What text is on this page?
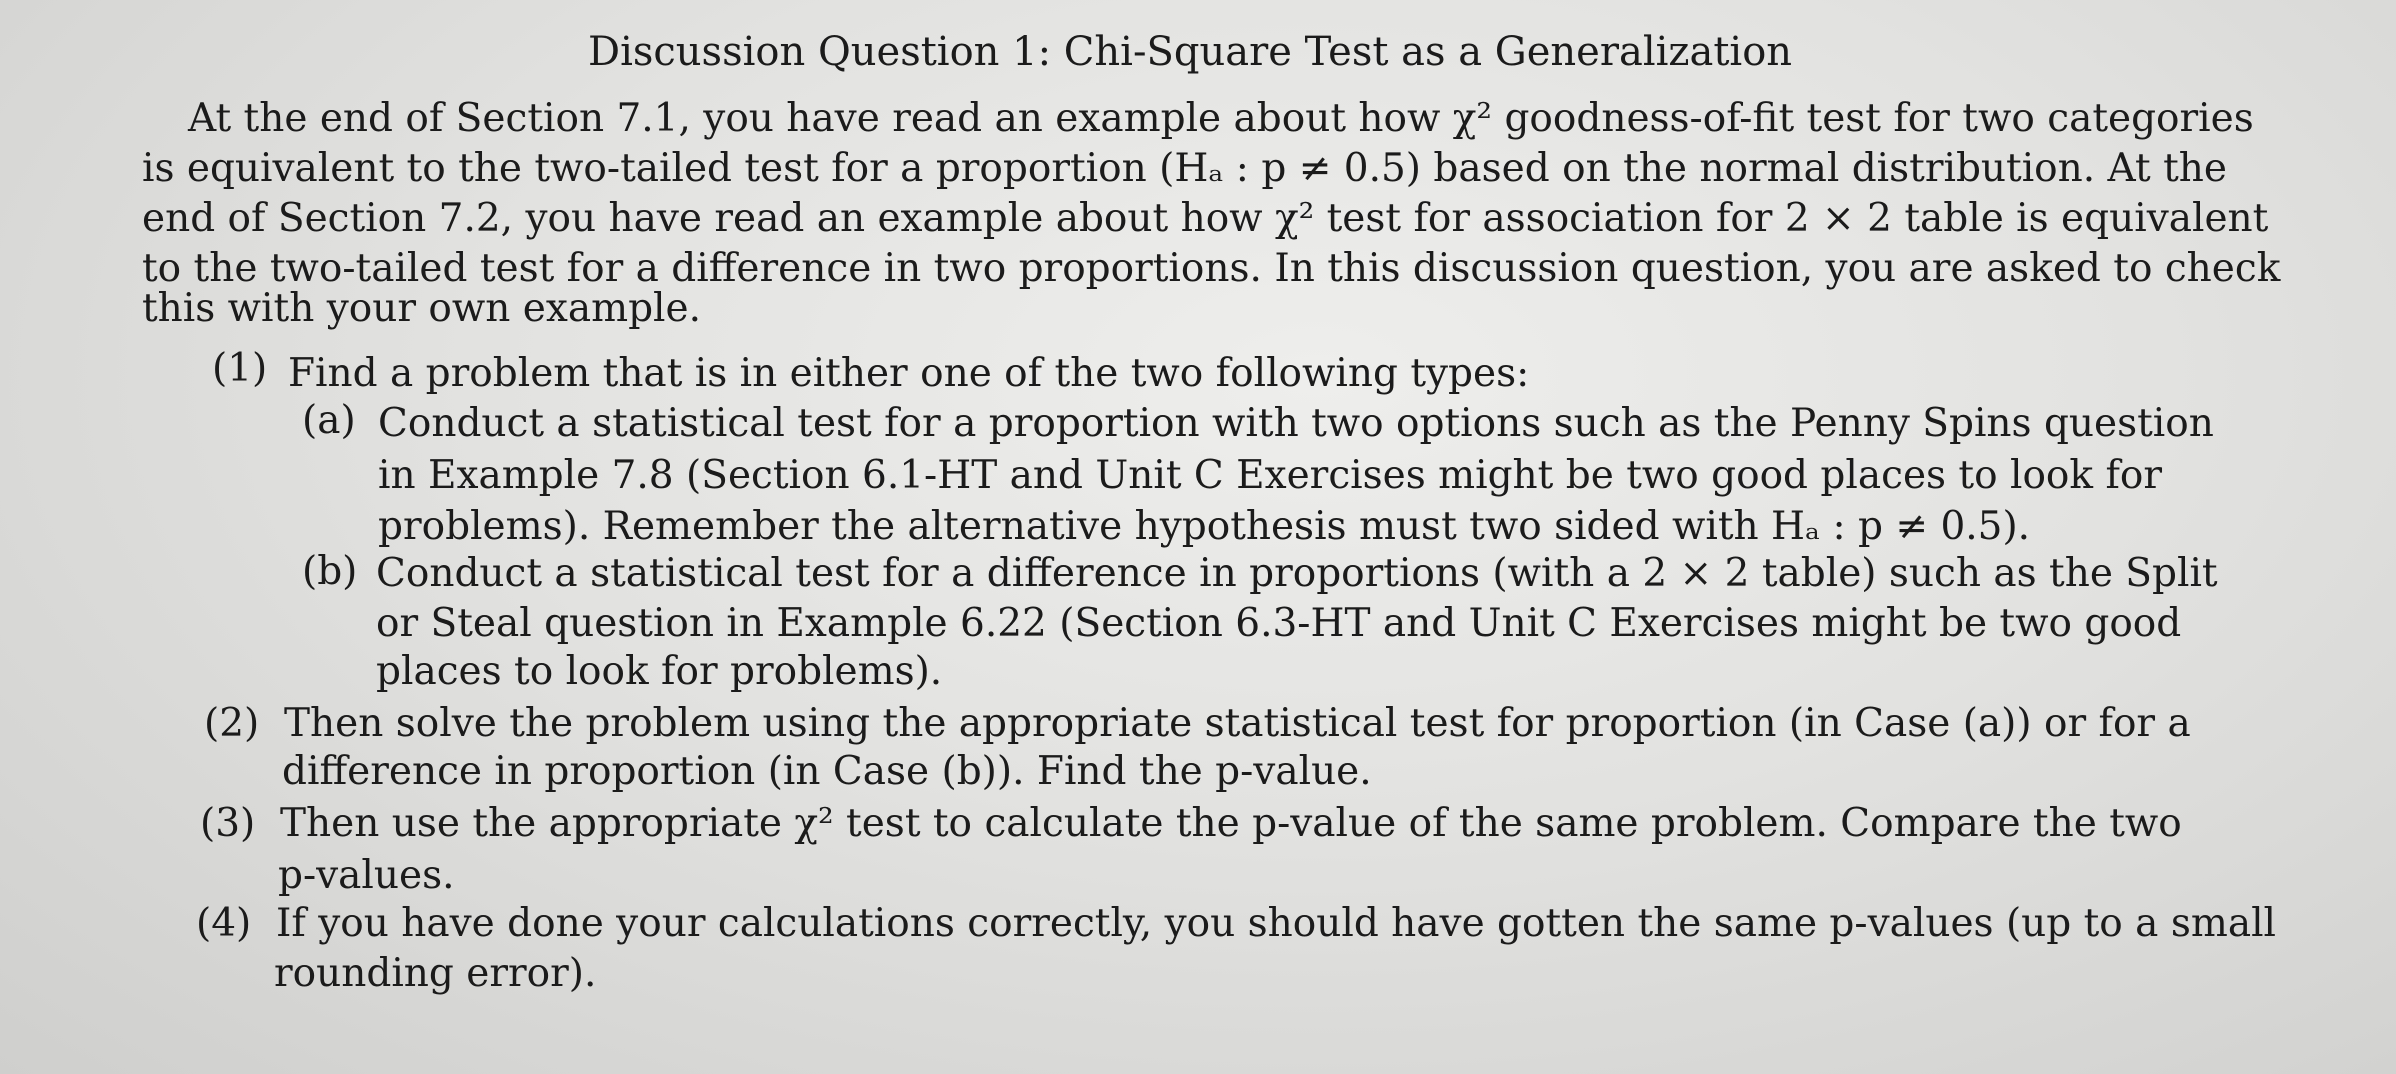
Discussion Question 1: Chi-Square Test as a Generalization
At the end of Section 7.1, you have read an example about how χ² goodness-of-fit test for two categories
is equivalent to the two-tailed test for a proportion (Hₐ : p ≠ 0.5) based on the normal distribution. At the
end of Section 7.2, you have read an example about how χ² test for association for 2 × 2 table is equivalent
to the two-tailed test for a difference in two proportions. In this discussion question, you are asked to check
this with your own example.
(1) Find a problem that is in either one of the two following types:
(a) Conduct a statistical test for a proportion with two options such as the Penny Spins question
in Example 7.8 (Section 6.1-HT and Unit C Exercises might be two good places to look for
problems). Remember the alternative hypothesis must two sided with Hₐ : p ≠ 0.5).
(b) Conduct a statistical test for a difference in proportions (with a 2 × 2 table) such as the Split
or Steal question in Example 6.22 (Section 6.3-HT and Unit C Exercises might be two good
places to look for problems).
(2) Then solve the problem using the appropriate statistical test for proportion (in Case (a)) or for a
difference in proportion (in Case (b)). Find the p-value.
(3) Then use the appropriate χ² test to calculate the p-value of the same problem. Compare the two
p-values.
(4) If you have done your calculations correctly, you should have gotten the same p-values (up to a small
rounding error).
